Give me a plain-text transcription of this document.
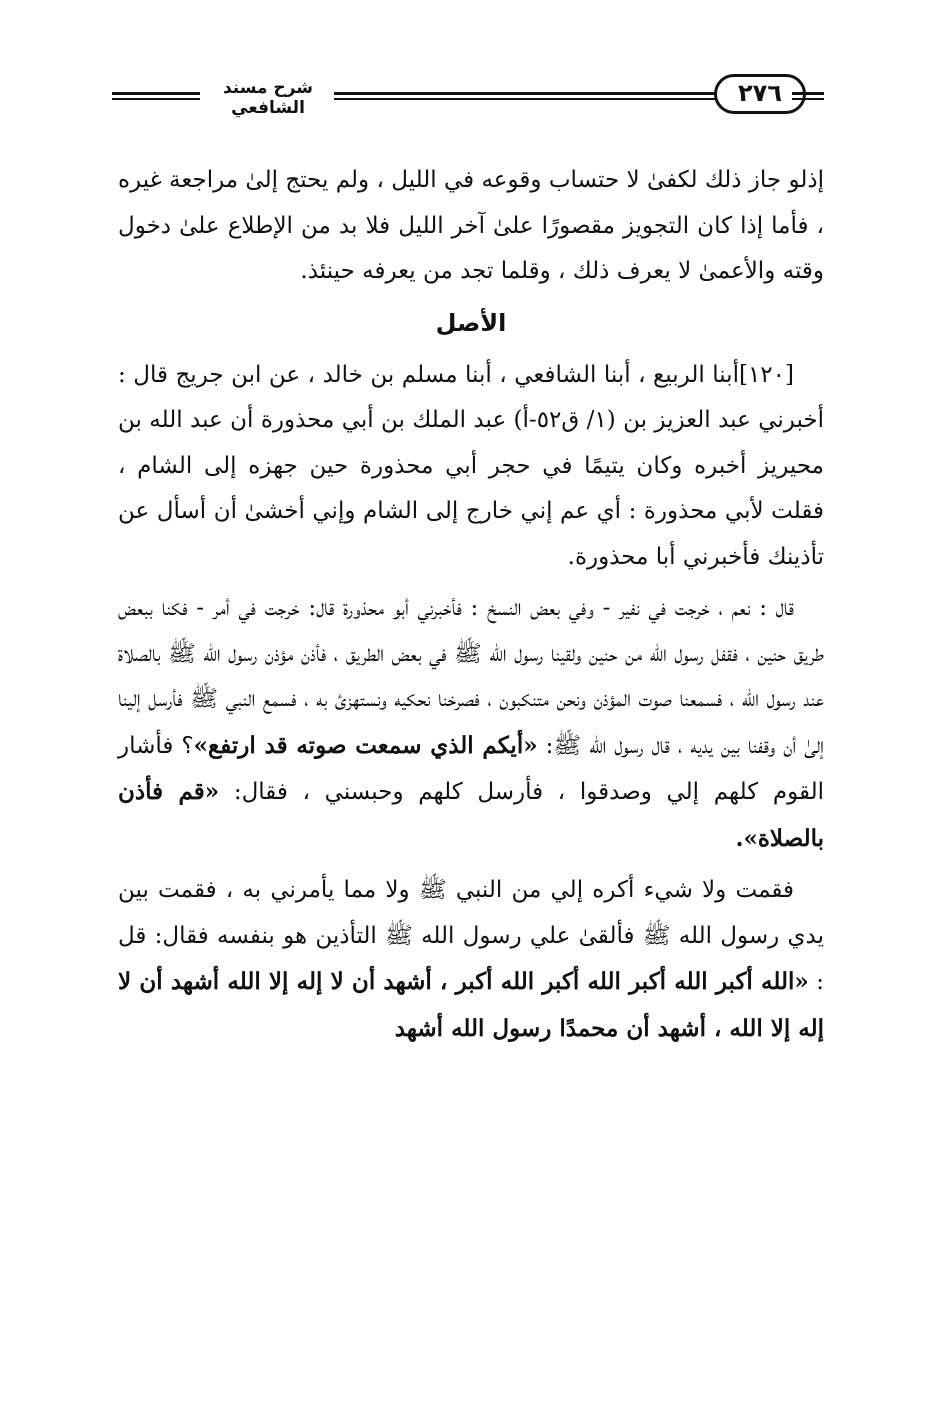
شرح مسند الشافعي
٢٧٦

إذلو جاز ذلك لكفىٰ لا حتساب وقوعه في الليل ، ولم يحتج إلىٰ مراجعة غيره ، فأما إذا كان التجويز مقصورًا علىٰ آخر الليل فلا بد من الإطلاع علىٰ دخول وقته والأعمىٰ لا يعرف ذلك ، وقلما تجد من يعرفه حينئذ.

الأصل

[١٢٠]أبنا الربيع ، أبنا الشافعي ، أبنا مسلم بن خالد ، عن ابن جريج قال : أخبرني عبد العزيز بن (١/ ق٥٢-أ) عبد الملك بن أبي محذورة أن عبد الله بن محيريز أخبره وكان يتيمًا في حجر أبي محذورة حين جهزه إلى الشام ، فقلت لأبي محذورة : أي عم إني خارج إلى الشام وإني أخشىٰ أن أسأل عن تأذينك فأخبرني أبا محذورة.

قال : نعم ، خرجت في نفير - وفي بعض النسخ : فأخبرني أبو محذورة قال: خرجت في أمر - فكنا ببعض طريق حنين ، فقفل رسول الله من حنين ولقينا رسول الله ﷺ في بعض الطريق ، فأذن مؤذن رسول الله ﷺ بالصلاة عند رسول الله ، فسمعنا صوت المؤذن ونحن متنكبون ، فصرخنا نحكيه ونستهزئ به ، فسمع النبي ﷺ فأرسل إلينا إلىٰ أن وقفنا بين يديه ، قال رسول الله ﷺ: «أيكم الذي سمعت صوته قد ارتفع»؟ فأشار القوم كلهم إلي وصدقوا ، فأرسل كلهم وحبسني ، فقال: «قم فأذن بالصلاة».

فقمت ولا شيء أكره إلي من النبي ﷺ ولا مما يأمرني به ، فقمت بين يدي رسول الله ﷺ فألقىٰ علي رسول الله ﷺ التأذين هو بنفسه فقال: قل : «الله أكبر الله أكبر الله أكبر الله أكبر ، أشهد أن لا إله إلا الله أشهد أن لا إله إلا الله ، أشهد أن محمدًا رسول الله أشهد
